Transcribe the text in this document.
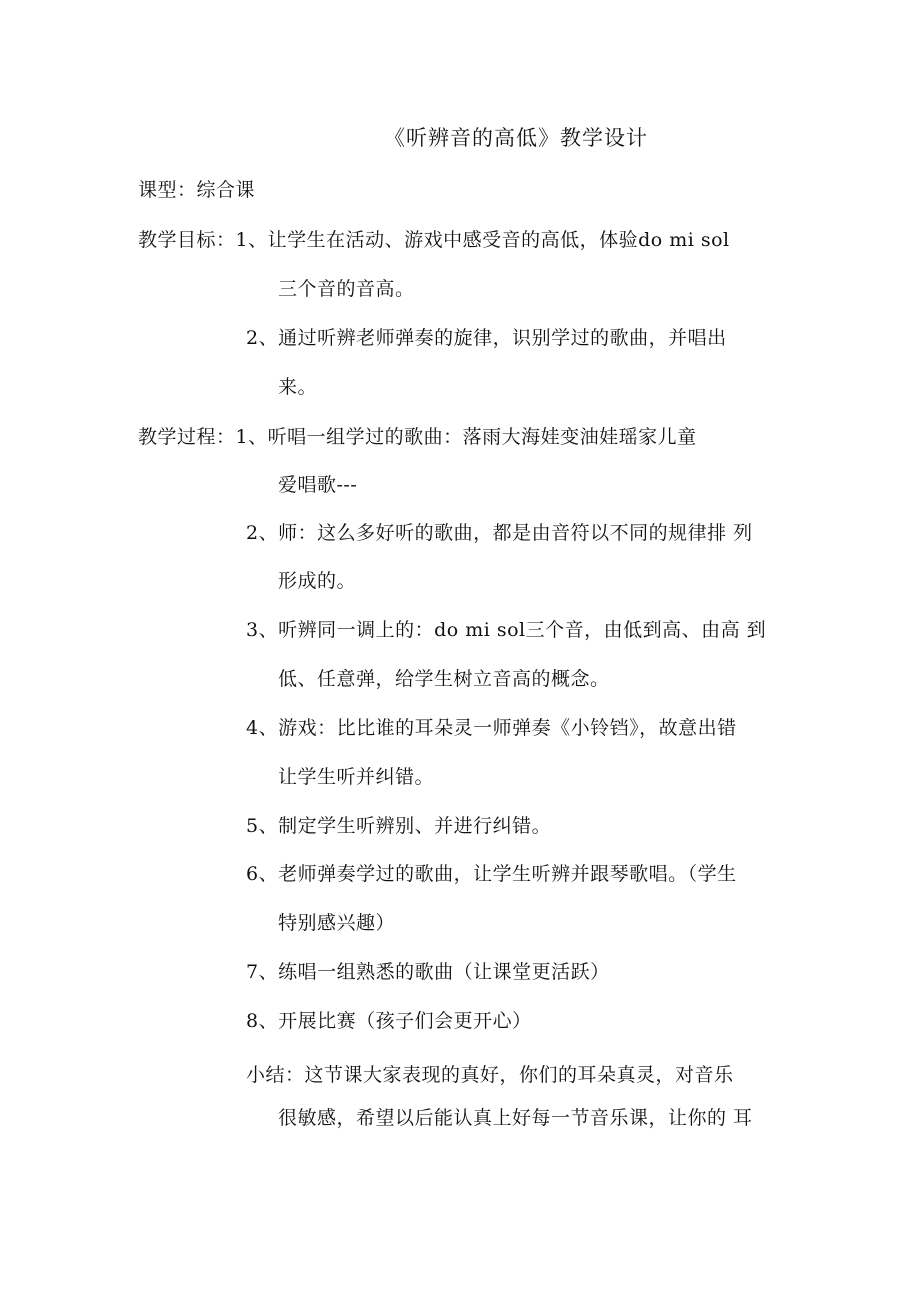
《听辨音的高低》教学设计
课型：综合课
教学目标：1、让学生在活动、游戏中感受音的高低，体验do mi sol
三个音的音高。
2、通过听辨老师弹奏的旋律，识别学过的歌曲，并唱出
来。
教学过程：1、听唱一组学过的歌曲：落雨大海娃变油娃瑶家儿童
爱唱歌---
2、师：这么多好听的歌曲，都是由音符以不同的规律排 列
形成的。
3、听辨同一调上的：do mi sol三个音，由低到高、由高 到
低、任意弹，给学生树立音高的概念。
4、游戏：比比谁的耳朵灵一师弹奏《小铃铛》，故意出错
让学生听并纠错。
5、制定学生听辨别、并进行纠错。
6、老师弹奏学过的歌曲，让学生听辨并跟琴歌唱。（学生
特别感兴趣）
7、练唱一组熟悉的歌曲（让课堂更活跃）
8、开展比赛（孩子们会更开心）
小结：这节课大家表现的真好，你们的耳朵真灵，对音乐
很敏感，希望以后能认真上好每一节音乐课，让你的 耳
